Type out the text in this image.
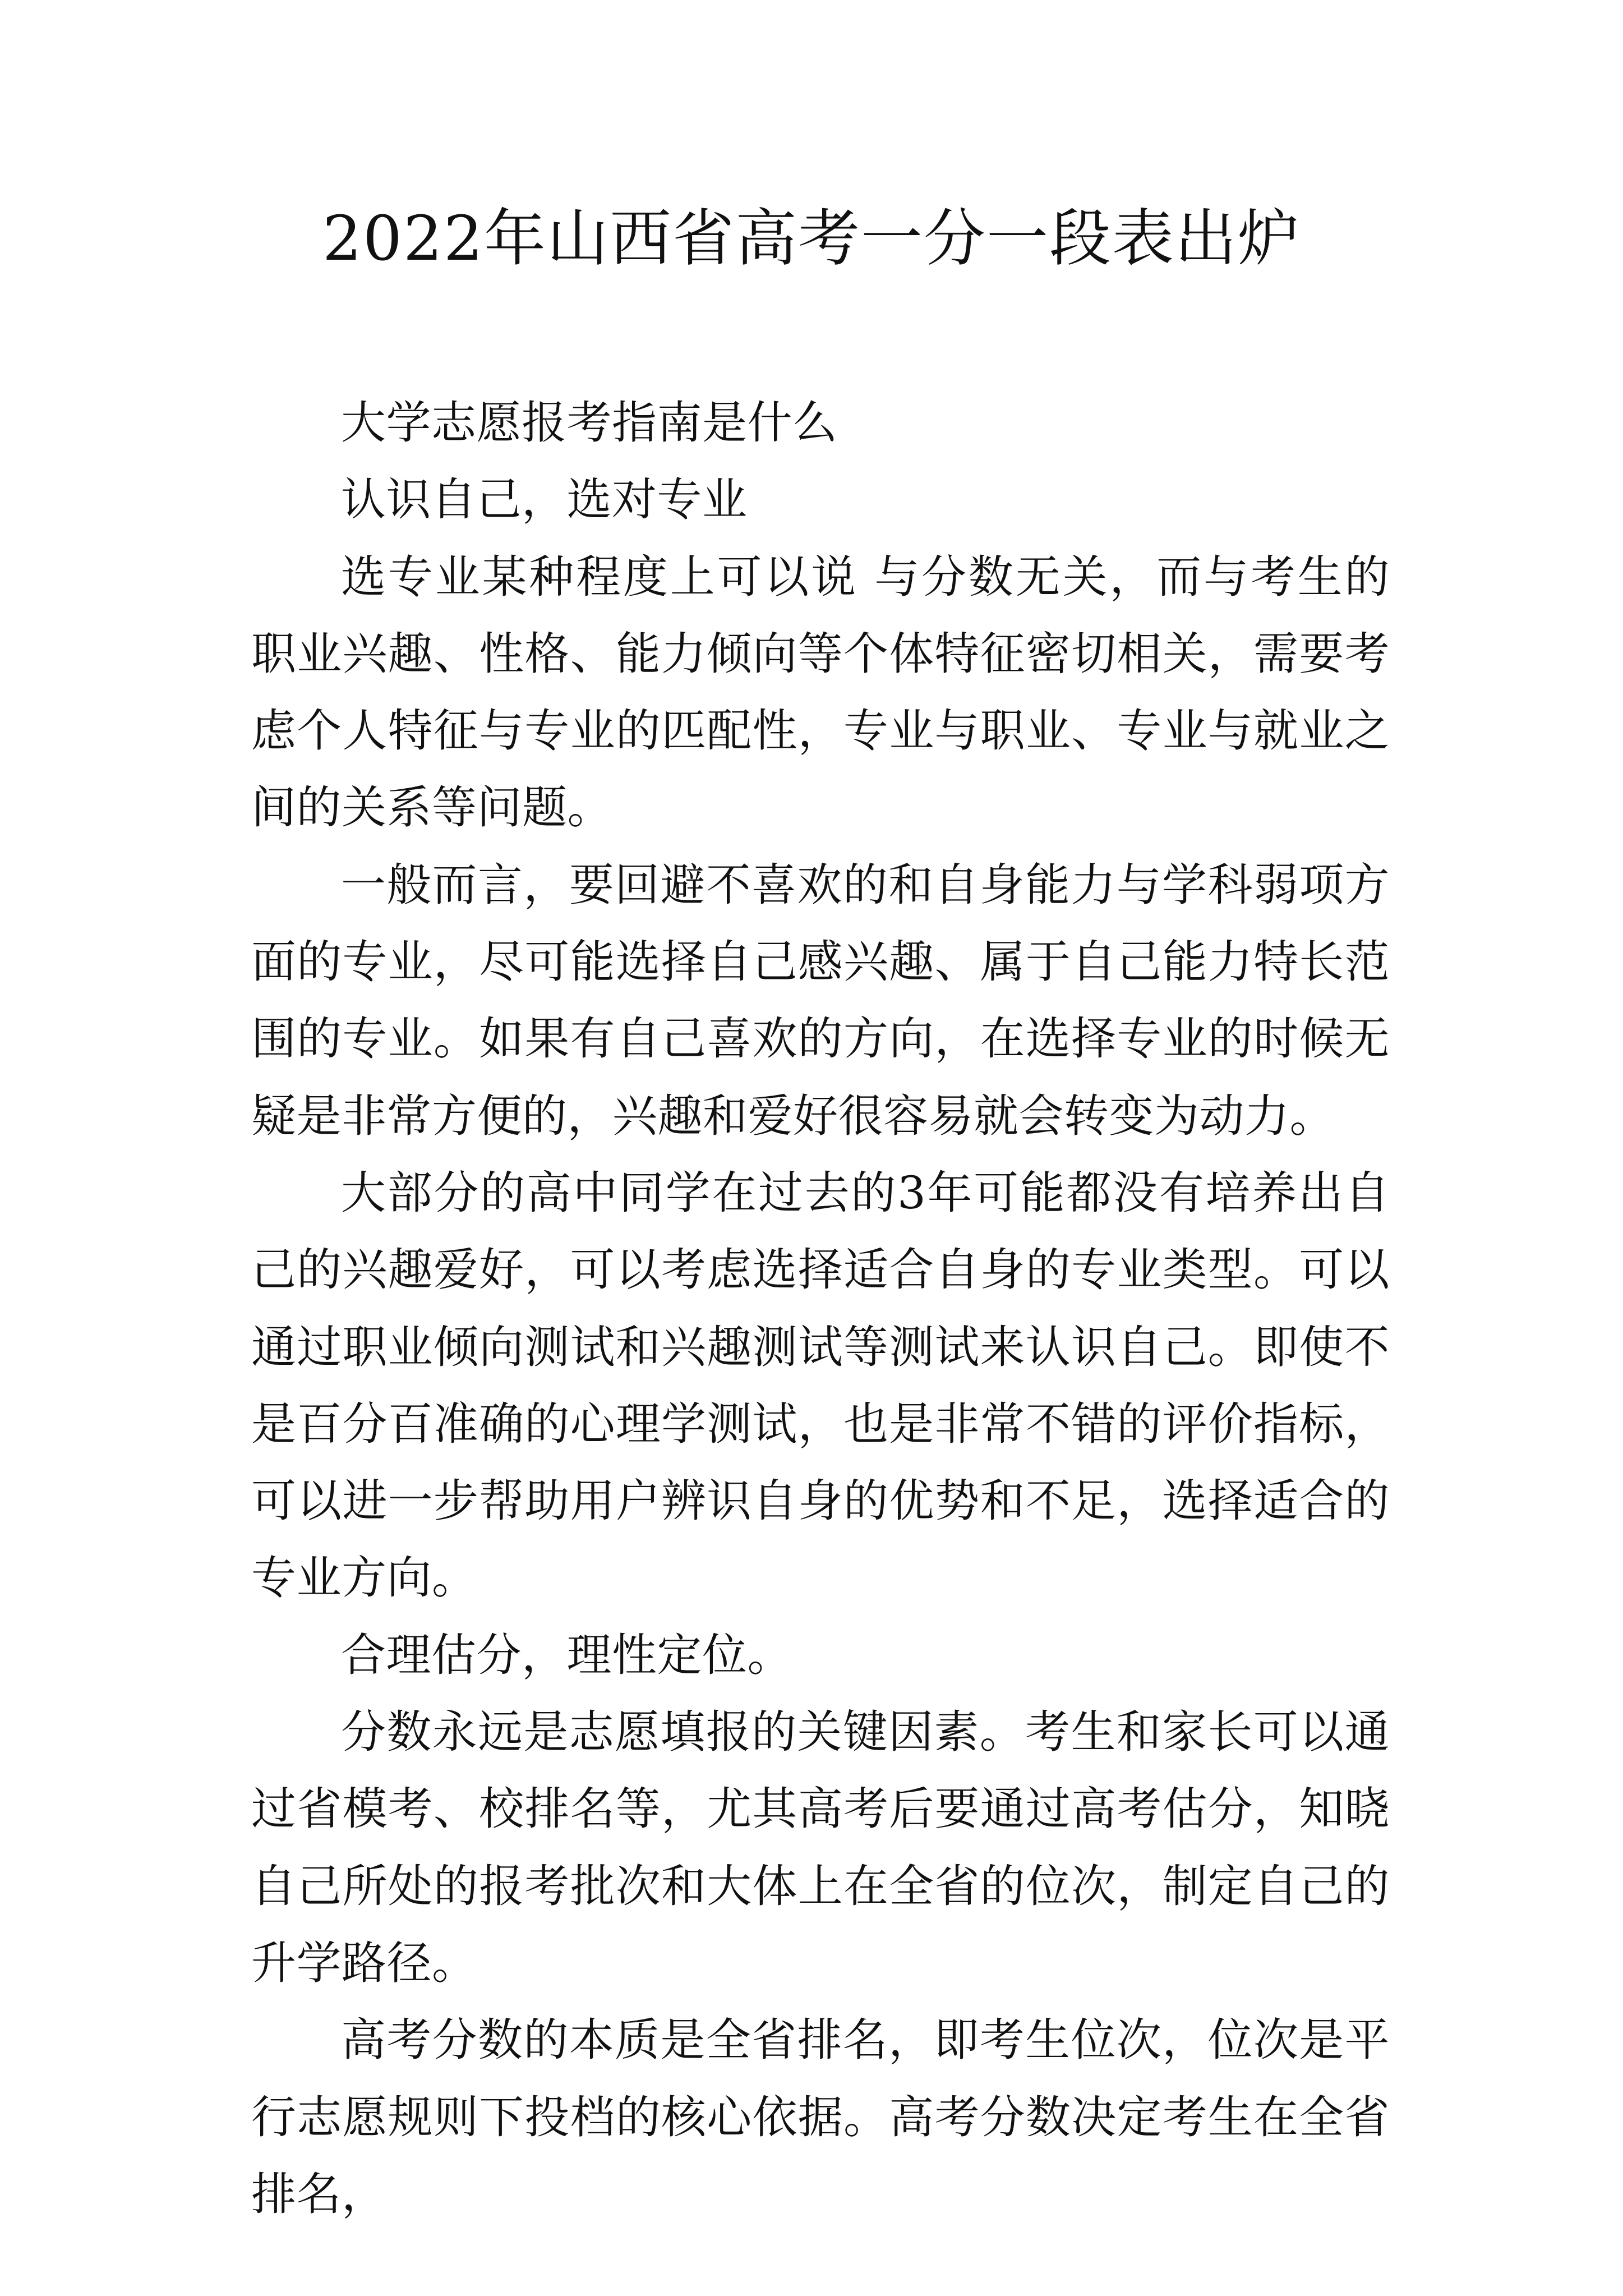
2022年山西省高考一分一段表出炉

大学志愿报考指南是什么

认识自己，选对专业

选专业某种程度上可以说 与分数无关，而与考生的职业兴趣、性格、能力倾向等个体特征密切相关，需要考虑个人特征与专业的匹配性，专业与职业、专业与就业之间的关系等问题。

一般而言，要回避不喜欢的和自身能力与学科弱项方面的专业，尽可能选择自己感兴趣、属于自己能力特长范围的专业。如果有自己喜欢的方向，在选择专业的时候无疑是非常方便的，兴趣和爱好很容易就会转变为动力。

大部分的高中同学在过去的3年可能都没有培养出自己的兴趣爱好，可以考虑选择适合自身的专业类型。可以通过职业倾向测试和兴趣测试等测试来认识自己。即使不是百分百准确的心理学测试，也是非常不错的评价指标，可以进一步帮助用户辨识自身的优势和不足，选择适合的专业方向。

合理估分，理性定位。

分数永远是志愿填报的关键因素。考生和家长可以通过省模考、校排名等，尤其高考后要通过高考估分，知晓自己所处的报考批次和大体上在全省的位次，制定自己的升学路径。

高考分数的本质是全省排名，即考生位次，位次是平行志愿规则下投档的核心依据。高考分数决定考生在全省排名，
